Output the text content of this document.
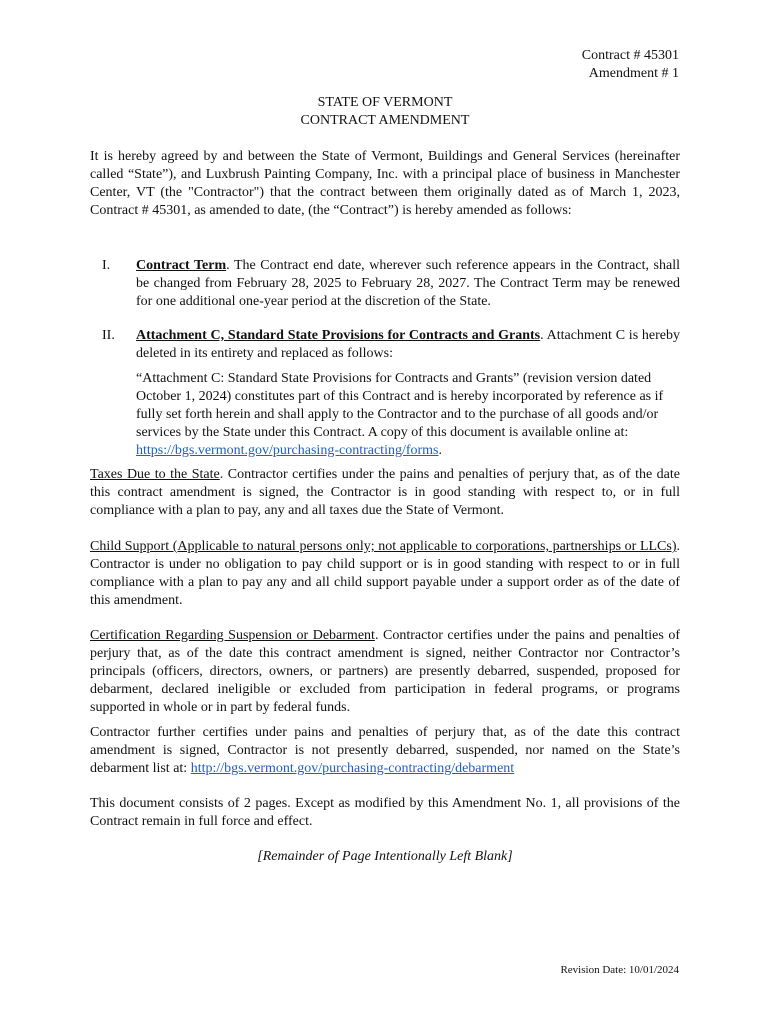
Contract # 45301
Amendment # 1
STATE OF VERMONT
CONTRACT AMENDMENT
It is hereby agreed by and between the State of Vermont, Buildings and General Services (hereinafter called “State”), and Luxbrush Painting Company, Inc. with a principal place of business in Manchester Center, VT (the "Contractor") that the contract between them originally dated as of March 1, 2023, Contract # 45301, as amended to date, (the “Contract”) is hereby amended as follows:
I. Contract Term. The Contract end date, wherever such reference appears in the Contract, shall be changed from February 28, 2025 to February 28, 2027. The Contract Term may be renewed for one additional one-year period at the discretion of the State.
II. Attachment C, Standard State Provisions for Contracts and Grants. Attachment C is hereby deleted in its entirety and replaced as follows:
“Attachment C: Standard State Provisions for Contracts and Grants” (revision version dated October 1, 2024) constitutes part of this Contract and is hereby incorporated by reference as if fully set forth herein and shall apply to the Contractor and to the purchase of all goods and/or services by the State under this Contract. A copy of this document is available online at: https://bgs.vermont.gov/purchasing-contracting/forms.
Taxes Due to the State. Contractor certifies under the pains and penalties of perjury that, as of the date this contract amendment is signed, the Contractor is in good standing with respect to, or in full compliance with a plan to pay, any and all taxes due the State of Vermont.
Child Support (Applicable to natural persons only; not applicable to corporations, partnerships or LLCs). Contractor is under no obligation to pay child support or is in good standing with respect to or in full compliance with a plan to pay any and all child support payable under a support order as of the date of this amendment.
Certification Regarding Suspension or Debarment. Contractor certifies under the pains and penalties of perjury that, as of the date this contract amendment is signed, neither Contractor nor Contractor’s principals (officers, directors, owners, or partners) are presently debarred, suspended, proposed for debarment, declared ineligible or excluded from participation in federal programs, or programs supported in whole or in part by federal funds.
Contractor further certifies under pains and penalties of perjury that, as of the date this contract amendment is signed, Contractor is not presently debarred, suspended, nor named on the State’s debarment list at: http://bgs.vermont.gov/purchasing-contracting/debarment
This document consists of 2 pages. Except as modified by this Amendment No. 1, all provisions of the Contract remain in full force and effect.
[Remainder of Page Intentionally Left Blank]
Revision Date: 10/01/2024
